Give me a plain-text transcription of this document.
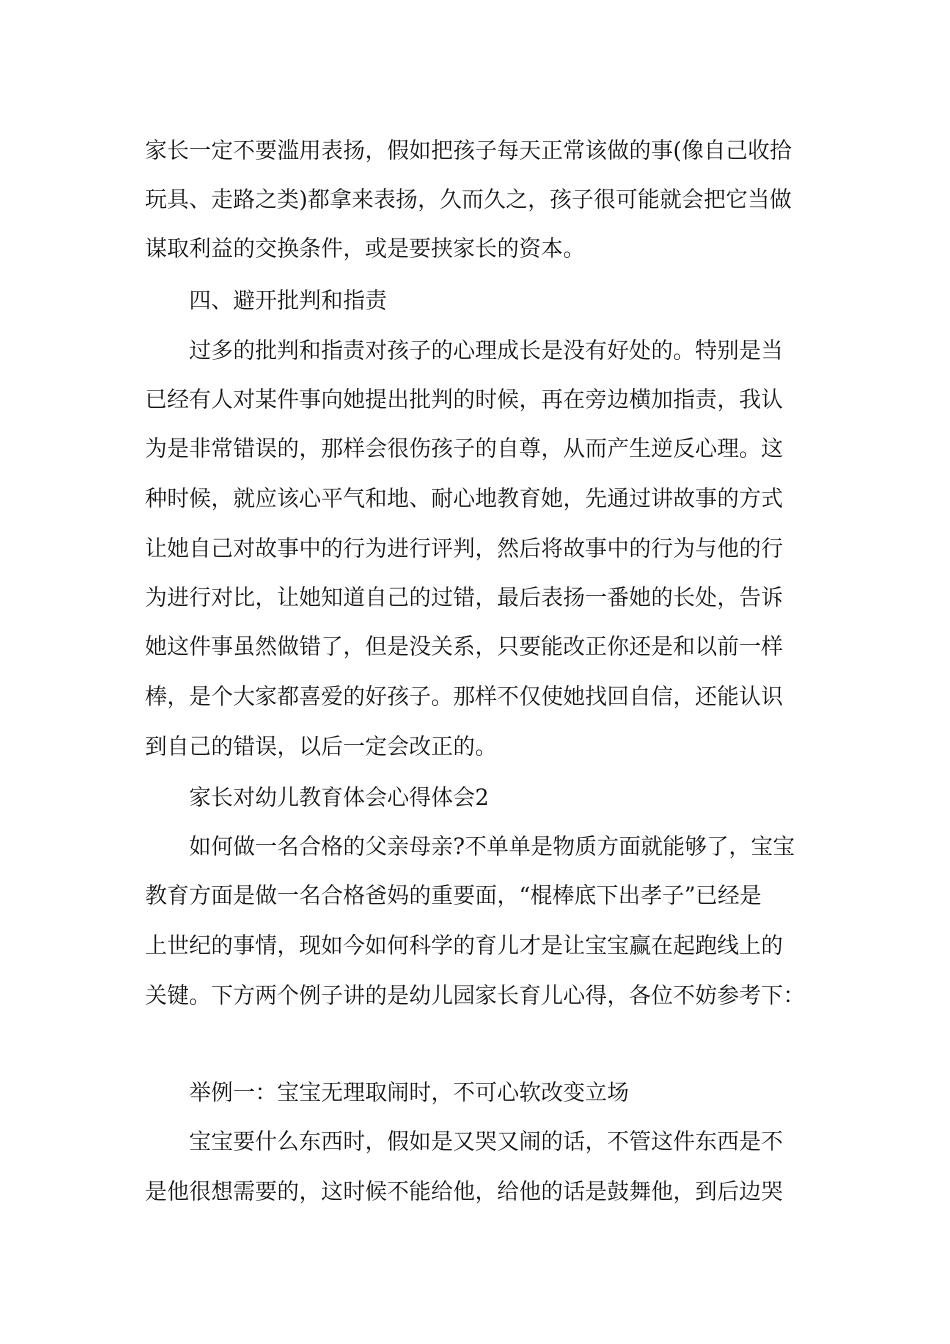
家长一定不要滥用表扬，假如把孩子每天正常该做的事(像自己收拾
玩具、走路之类)都拿来表扬，久而久之，孩子很可能就会把它当做
谋取利益的交换条件，或是要挟家长的资本。
四、避开批判和指责
过多的批判和指责对孩子的心理成长是没有好处的。特别是当
已经有人对某件事向她提出批判的时候，再在旁边横加指责，我认
为是非常错误的，那样会很伤孩子的自尊，从而产生逆反心理。这
种时候，就应该心平气和地、耐心地教育她，先通过讲故事的方式
让她自己对故事中的行为进行评判，然后将故事中的行为与他的行
为进行对比，让她知道自己的过错，最后表扬一番她的长处，告诉
她这件事虽然做错了，但是没关系，只要能改正你还是和以前一样
棒，是个大家都喜爱的好孩子。那样不仅使她找回自信，还能认识
到自己的错误，以后一定会改正的。
家长对幼儿教育体会心得体会2
如何做一名合格的父亲母亲?不单单是物质方面就能够了，宝宝
教育方面是做一名合格爸妈的重要面，“棍棒底下出孝子”已经是
上世纪的事情，现如今如何科学的育儿才是让宝宝赢在起跑线上的
关键。下方两个例子讲的是幼儿园家长育儿心得，各位不妨参考下：
举例一：宝宝无理取闹时，不可心软改变立场
宝宝要什么东西时，假如是又哭又闹的话，不管这件东西是不
是他很想需要的，这时候不能给他，给他的话是鼓舞他，到后边哭
